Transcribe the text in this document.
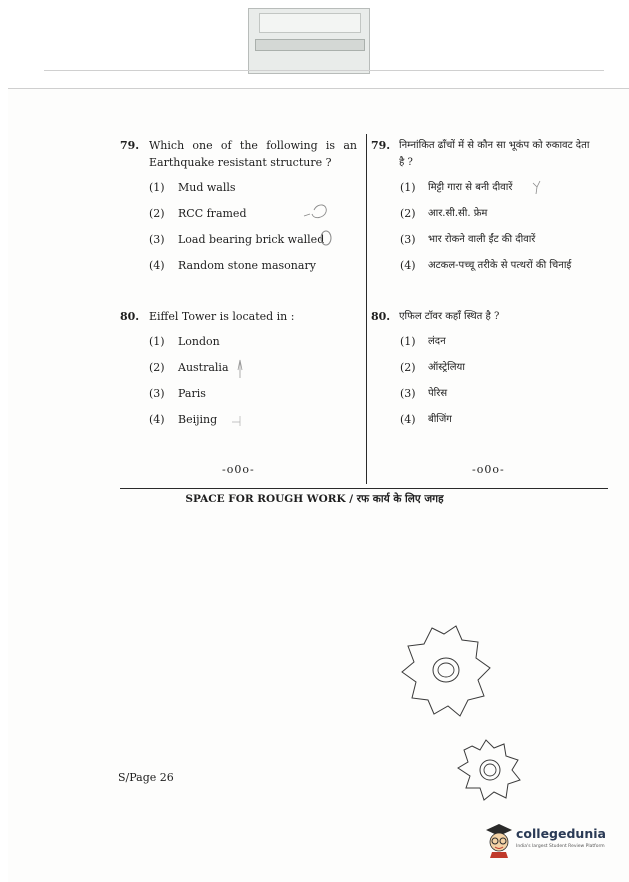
79. Which one of the following is an
Earthquake resistant structure ?
(1) Mud walls
(2) RCC framed
(3) Load bearing brick walled
(4) Random stone masonary
80. Eiffel Tower is located in :
(1) London
(2) Australia
(3) Paris
(4) Beijing
-o0o-
79. निम्नांकित ढाँचों में से कौन सा भूकंप को रुकावट देता
है ?
(1) मिट्टी गारा से बनी दीवारें
(2) आर.सी.सी. फ्रेम
(3) भार रोकने वाली ईंट की दीवारें
(4) अटकल-पच्चू तरीके से पत्थरों की चिनाई
80. एफिल टॉवर कहाँ स्थित है ?
(1) लंदन
(2) ऑस्ट्रेलिया
(3) पेरिस
(4) बीजिंग
-o0o-
SPACE FOR ROUGH WORK / रफ कार्य के लिए जगह
S/Page 26
collegedunia
India's largest Student Review Platform
